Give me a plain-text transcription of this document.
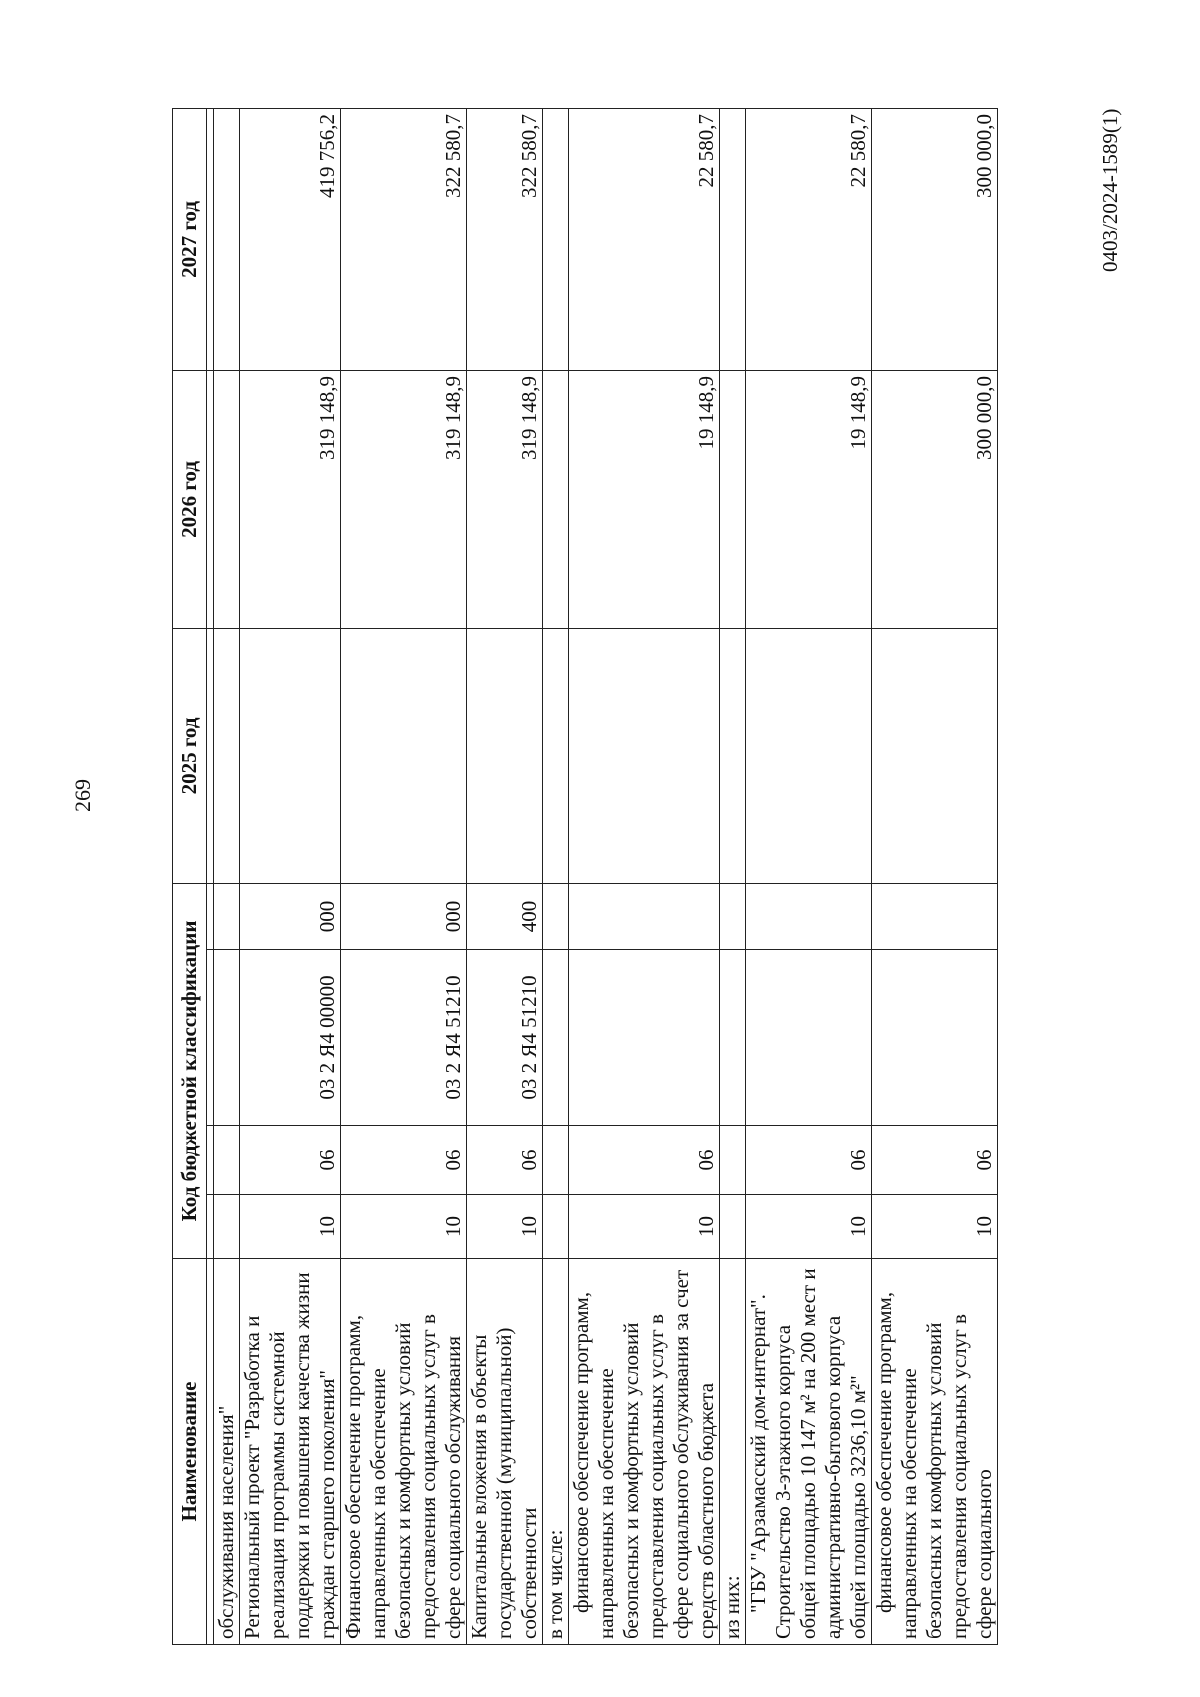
269
0403/2024-1589(1)
Наименование	Код бюджетной классификации				2025 год	2026 год	2027 год

обслуживания населения"							
Региональный проект "Разработка и реализация программы системной поддержки и повышения качества жизни граждан старшего поколения"	10	06	03 2 Я4 00000	000		319 148,9	419 756,2
Финансовое обеспечение программ, направленных на обеспечение безопасных и комфортных условий предоставления социальных услуг в сфере социального обслуживания	10	06	03 2 Я4 51210	000		319 148,9	322 580,7
Капитальные вложения в объекты государственной (муниципальной) собственности	10	06	03 2 Я4 51210	400		319 148,9	322 580,7
в том числе:							
финансовое обеспечение программ, направленных на обеспечение безопасных и комфортных условий предоставления социальных услуг в сфере социального обслуживания за счет средств областного бюджета	10	06				19 148,9	22 580,7
из них:							
"ГБУ "Арзамасский дом-интернат". Строительство 3-этажного корпуса общей площадью 10 147 м² на 200 мест и административно-бытового корпуса общей площадью 3236,10 м²"	10	06				19 148,9	22 580,7
финансовое обеспечение программ, направленных на обеспечение безопасных и комфортных условий предоставления социальных услуг в сфере социального	10	06				300 000,0	300 000,0
